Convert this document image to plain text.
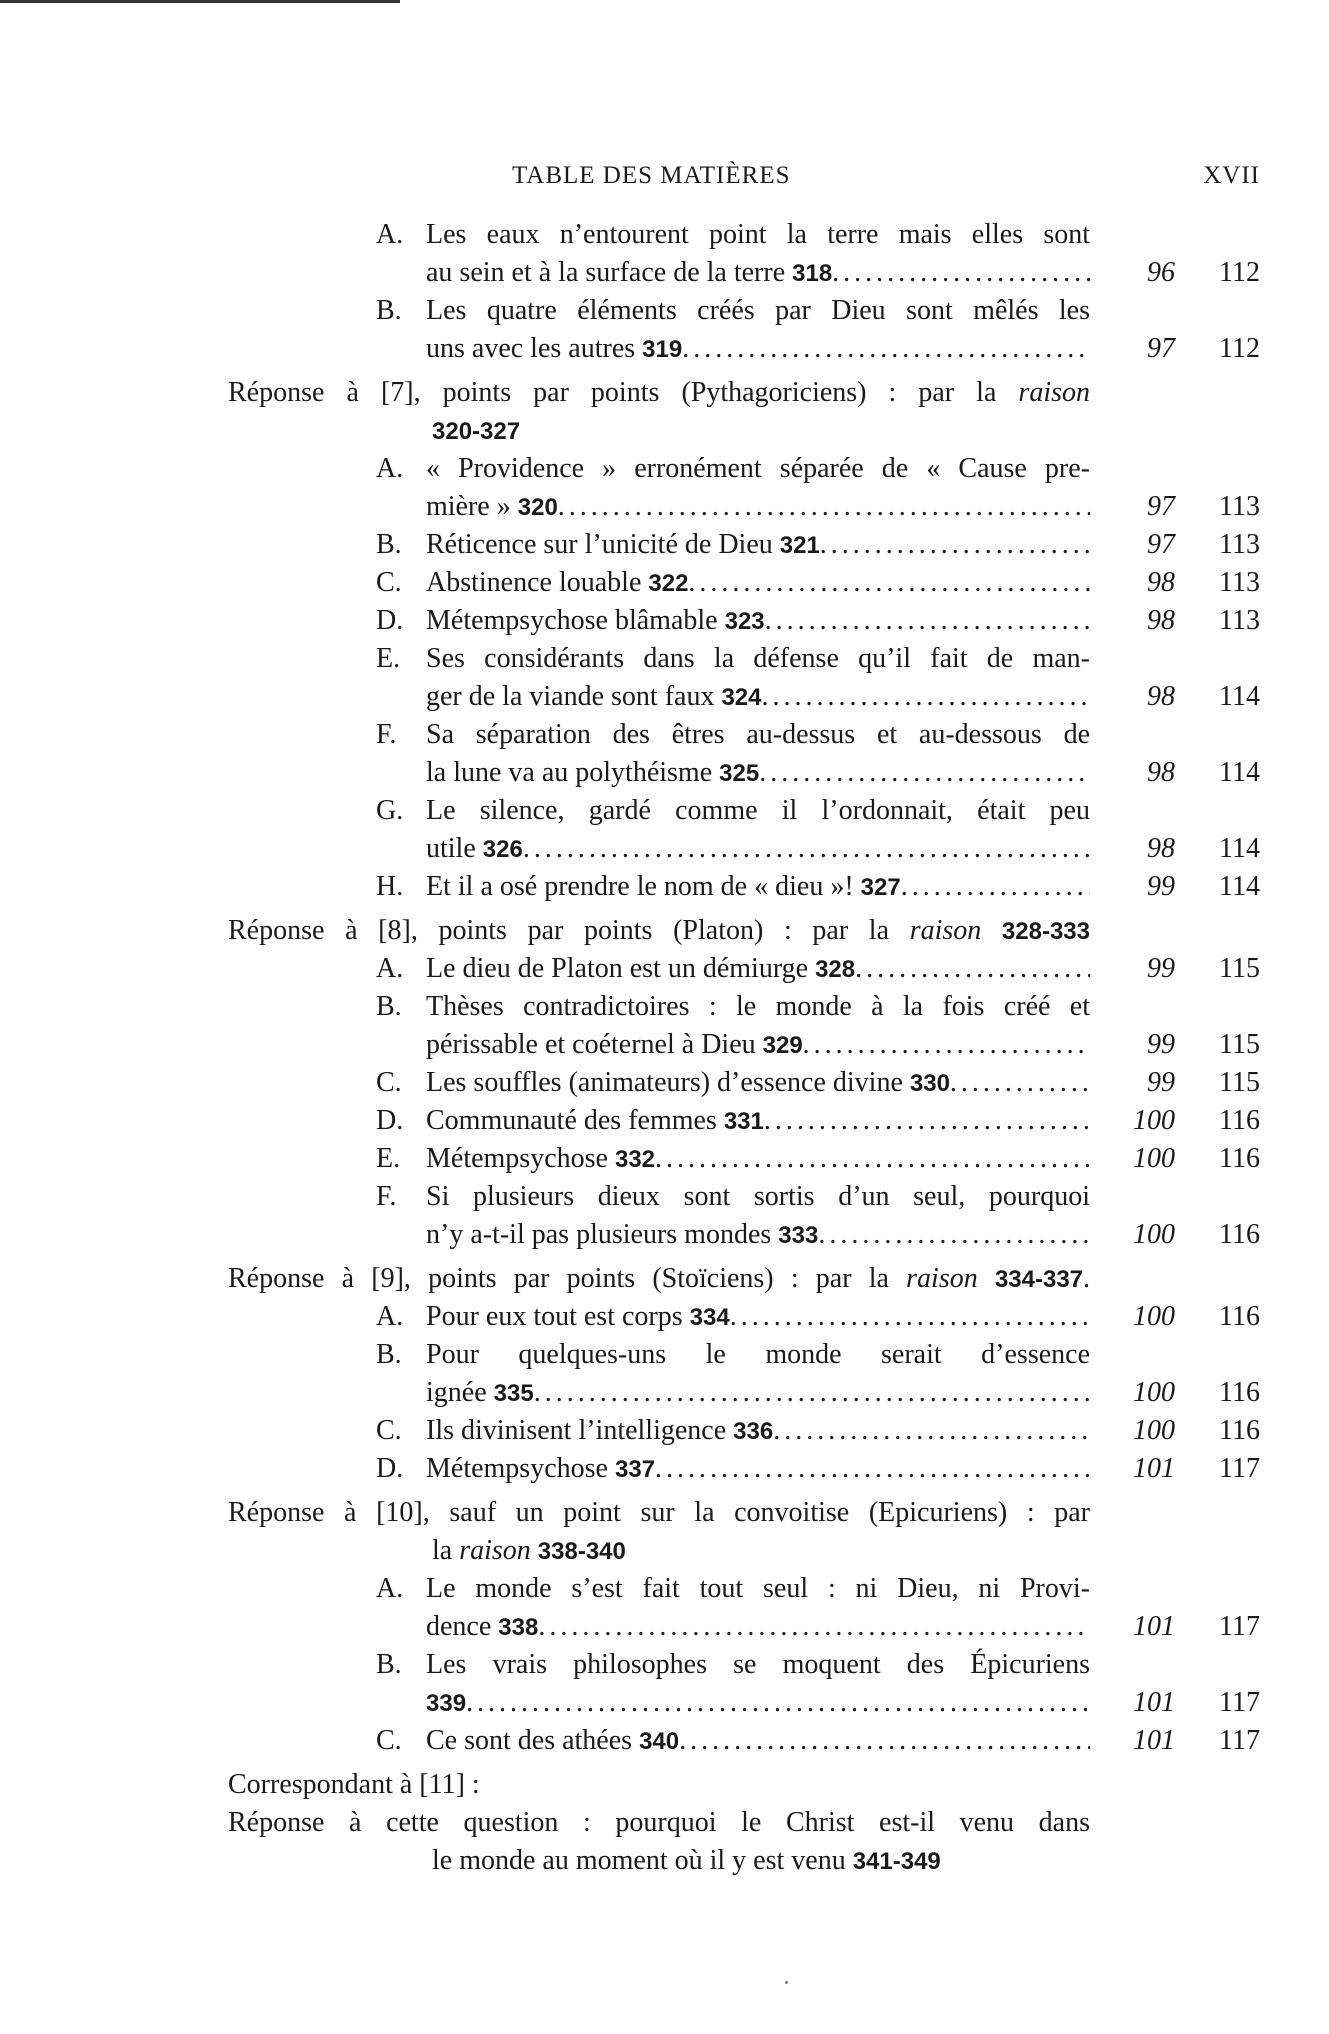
TABLE DES MATIÈRES	XVII
A. Les eaux n’entourent point la terre mais elles sont
au sein et à la surface de la terre 318 .....	96 112
B. Les quatre éléments créés par Dieu sont mêlés les
uns avec les autres 319 .....	97 112
Réponse à [7], points par points (Pythagoriciens) : par la raison
320-327
A. « Providence » erronément séparée de « Cause pre-
mière » 320 .....	97 113
B. Réticence sur l’unicité de Dieu 321 .....	97 113
C. Abstinence louable 322 .....	98 113
D. Métempsychose blâmable 323 .....	98 113
E. Ses considérants dans la défense qu’il fait de man-
ger de la viande sont faux 324 .....	98 114
F. Sa séparation des êtres au-dessus et au-dessous de
la lune va au polythéisme 325 .....	98 114
G. Le silence, gardé comme il l’ordonnait, était peu
utile 326 .....	98 114
H. Et il a osé prendre le nom de « dieu »! 327 .....	99 114
Réponse à [8], points par points (Platon) : par la raison 328-333
A. Le dieu de Platon est un démiurge 328 .....	99 115
B. Thèses contradictoires : le monde à la fois créé et
périssable et coéternel à Dieu 329 .....	99 115
C. Les souffles (animateurs) d’essence divine 330 .....	99 115
D. Communauté des femmes 331 .....	100 116
E. Métempsychose 332 .....	100 116
F. Si plusieurs dieux sont sortis d’un seul, pourquoi
n’y a-t-il pas plusieurs mondes 333 .....	100 116
Réponse à [9], points par points (Stoïciens) : par la raison 334-337.
A. Pour eux tout est corps 334 .....	100 116
B. Pour quelques-uns le monde serait d’essence
ignée 335 .....	100 116
C. Ils divinisent l’intelligence 336 .....	100 116
D. Métempsychose 337 .....	101 117
Réponse à [10], sauf un point sur la convoitise (Epicuriens) : par
la raison 338-340
A. Le monde s’est fait tout seul : ni Dieu, ni Provi-
dence 338 .....	101 117
B. Les vrais philosophes se moquent des Épicuriens
339 .....	101 117
C. Ce sont des athées 340 .....	101 117
Correspondant à [11] :
Réponse à cette question : pourquoi le Christ est-il venu dans
le monde au moment où il y est venu 341-349
